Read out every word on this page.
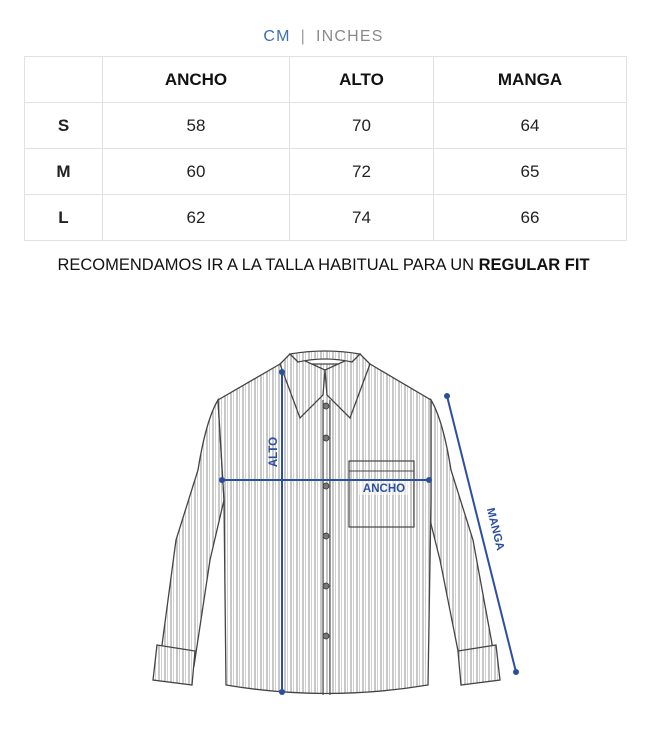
CM | INCHES
	ANCHO	ALTO	MANGA
S	58	70	64
M	60	72	65
L	62	74	66
RECOMENDAMOS IR A LA TALLA HABITUAL PARA UN REGULAR FIT
ALTO
ANCHO
MANGA
